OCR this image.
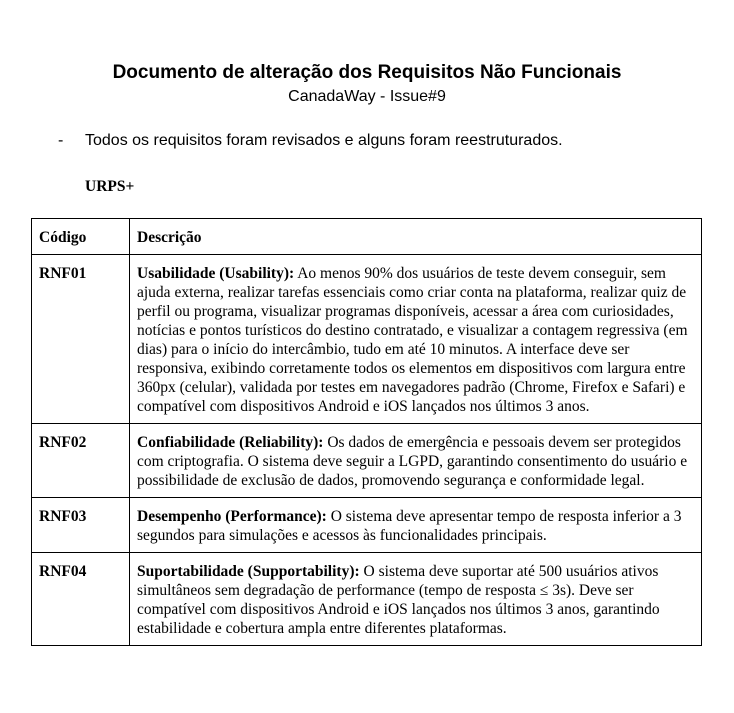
Documento de alteração dos Requisitos Não Funcionais
CanadaWay - Issue#9
- Todos os requisitos foram revisados e alguns foram reestruturados.
URPS+
Código	Descrição
RNF01	Usabilidade (Usability): Ao menos 90% dos usuários de teste devem conseguir, sem ajuda externa, realizar tarefas essenciais como criar conta na plataforma, realizar quiz de perfil ou programa, visualizar programas disponíveis, acessar a área com curiosidades, notícias e pontos turísticos do destino contratado, e visualizar a contagem regressiva (em dias) para o início do intercâmbio, tudo em até 10 minutos. A interface deve ser responsiva, exibindo corretamente todos os elementos em dispositivos com largura entre 360px (celular), validada por testes em navegadores padrão (Chrome, Firefox e Safari) e compatível com dispositivos Android e iOS lançados nos últimos 3 anos.
RNF02	Confiabilidade (Reliability): Os dados de emergência e pessoais devem ser protegidos com criptografia. O sistema deve seguir a LGPD, garantindo consentimento do usuário e possibilidade de exclusão de dados, promovendo segurança e conformidade legal.
RNF03	Desempenho (Performance): O sistema deve apresentar tempo de resposta inferior a 3 segundos para simulações e acessos às funcionalidades principais.
RNF04	Suportabilidade (Supportability): O sistema deve suportar até 500 usuários ativos simultâneos sem degradação de performance (tempo de resposta ≤ 3s). Deve ser compatível com dispositivos Android e iOS lançados nos últimos 3 anos, garantindo estabilidade e cobertura ampla entre diferentes plataformas.
